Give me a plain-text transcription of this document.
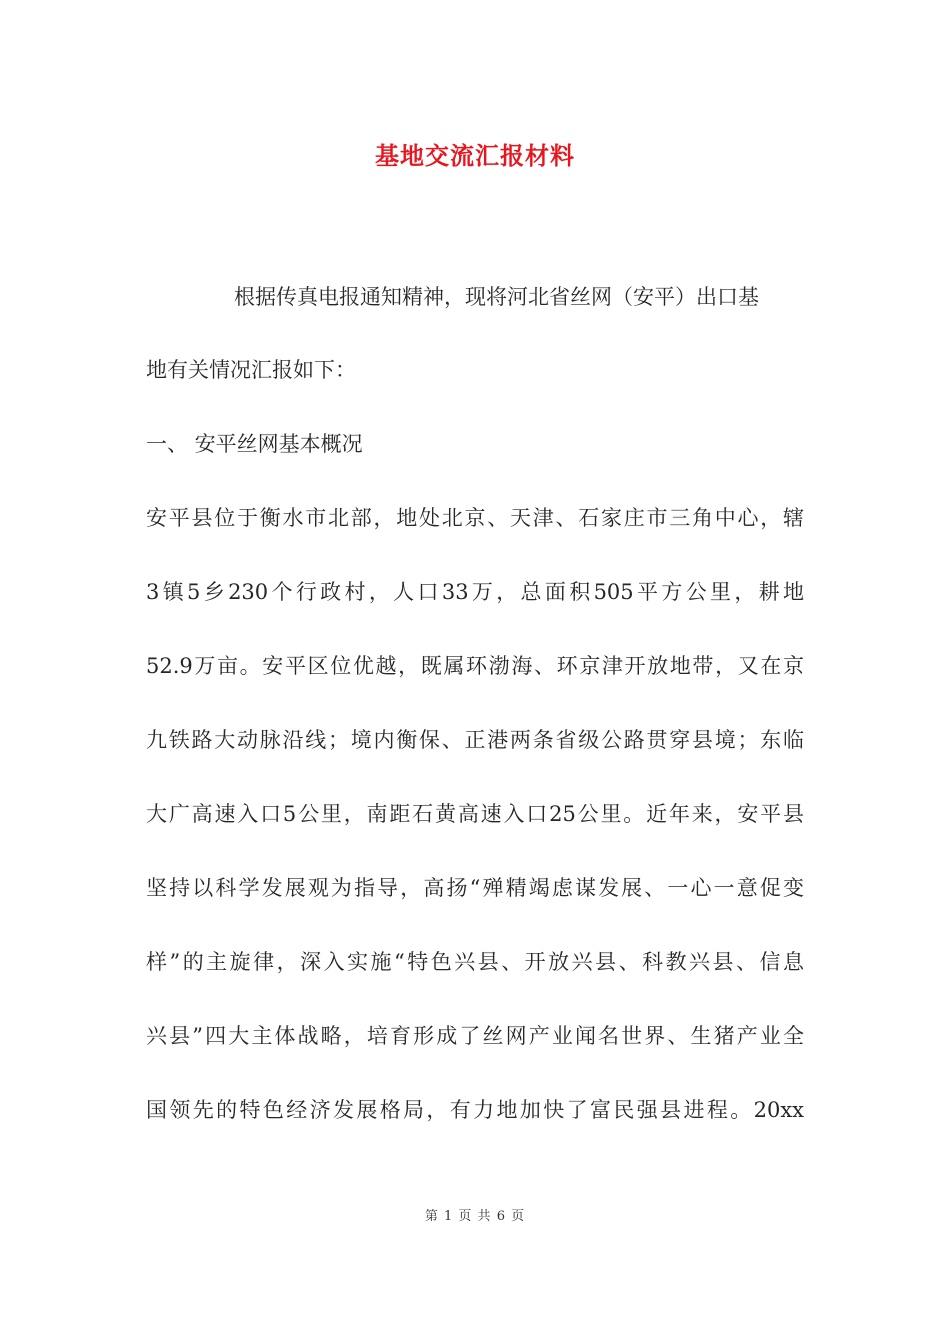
基地交流汇报材料
根据传真电报通知精神，现将河北省丝网（安平）出口基
地有关情况汇报如下：
一、 安平丝网基本概况
安平县位于衡水市北部，地处北京、天津、石家庄市三角中心，辖
3镇5乡230个行政村，人口33万，总面积505平方公里，耕地
52.9万亩。安平区位优越，既属环渤海、环京津开放地带，又在京
九铁路大动脉沿线；境内衡保、正港两条省级公路贯穿县境；东临
大广高速入口5公里，南距石黄高速入口25公里。近年来，安平县
坚持以科学发展观为指导，高扬“殚精竭虑谋发展、一心一意促变
样”的主旋律，深入实施“特色兴县、开放兴县、科教兴县、信息
兴县”四大主体战略，培育形成了丝网产业闻名世界、生猪产业全
国领先的特色经济发展格局，有力地加快了富民强县进程。20xx
第 1 页 共 6 页
